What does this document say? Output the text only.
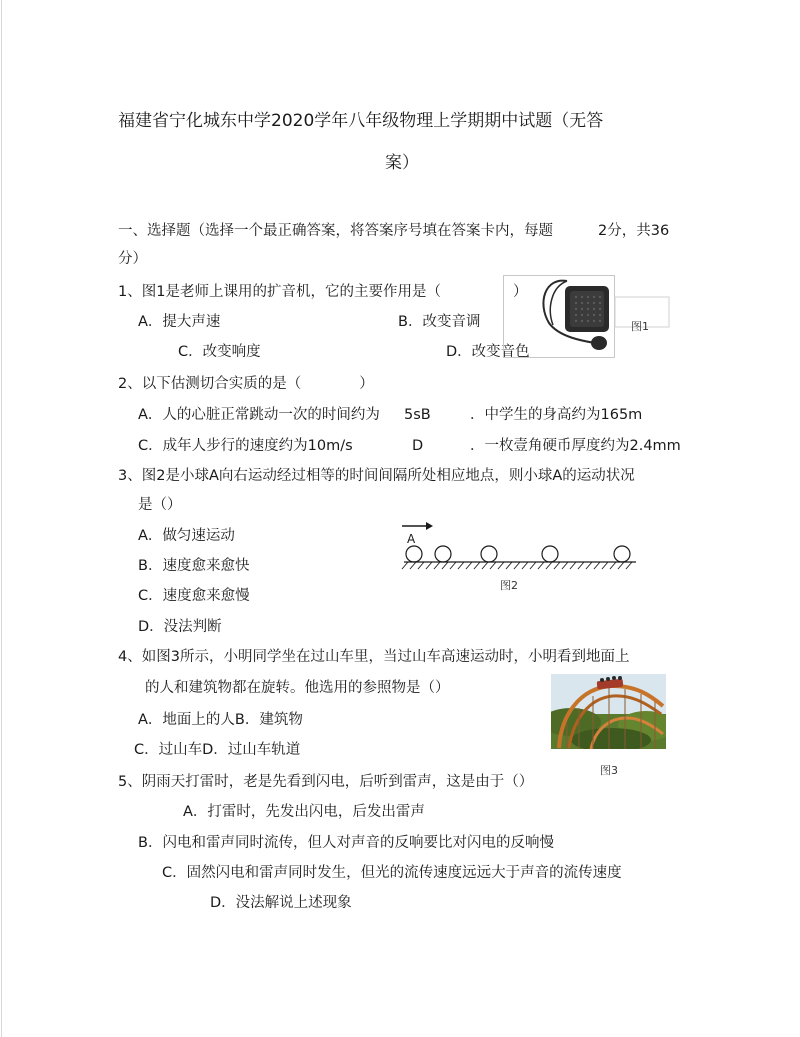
福建省宁化城东中学2020学年八年级物理上学期期中试题（无答
案）
一、选择题（选择一个最正确答案，将答案序号填在答案卡内，每题	2分，共36
分）
1、图1是老师上课用的扩音机，它的主要作用是（	）
A．提大声速	B．改变音调
C．改变响度	D．改变音色
图1
2、以下估测切合实质的是（　　　　）
A．人的心脏正常跳动一次的时间约为 5sB	．中学生的身高约为165m
C．成年人步行的速度约为10m/s	D	．一枚壹角硬币厚度约为2.4mm
3、图2是小球A向右运动经过相等的时间间隔所处相应地点，则小球A的运动状况
是（）
A．做匀速运动
B．速度愈来愈快
C．速度愈来愈慢
D．没法判断
A
图2
4、如图3所示，小明同学坐在过山车里，当过山车高速运动时，小明看到地面上
的人和建筑物都在旋转。他选用的参照物是（）
A．地面上的人B．建筑物
C．过山车D．过山车轨道
图3
5、阴雨天打雷时，老是先看到闪电，后听到雷声，这是由于（）
A．打雷时，先发出闪电，后发出雷声
B．闪电和雷声同时流传，但人对声音的反响要比对闪电的反响慢
C．固然闪电和雷声同时发生，但光的流传速度远远大于声音的流传速度
D．没法解说上述现象
